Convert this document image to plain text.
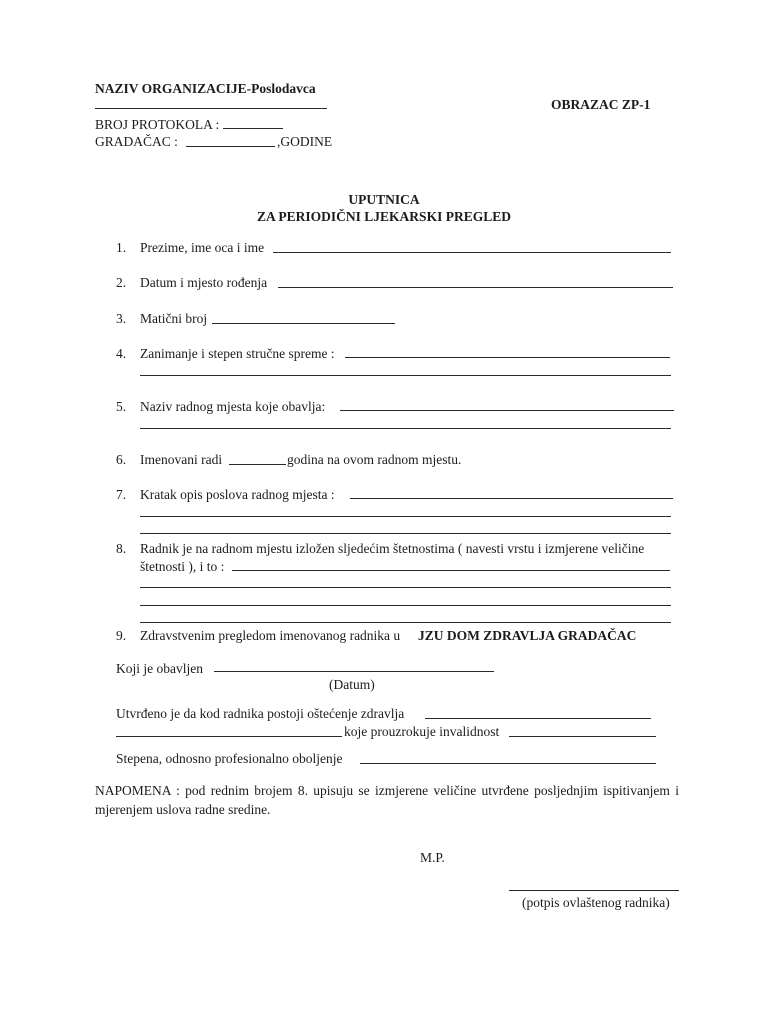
NAZIV ORGANIZACIJE-Poslodavca
OBRAZAC ZP-1
BROJ PROTOKOLA :
GRADAČAC :	,GODINE
UPUTNICA
ZA PERIODIČNI LJEKARSKI PREGLED
1. Prezime, ime oca i ime
2. Datum i mjesto rođenja
3. Matični broj
4. Zanimanje i stepen stručne spreme :
5. Naziv radnog mjesta koje obavlja:
6. Imenovani radi	godina na ovom radnom mjestu.
7. Kratak opis poslova radnog mjesta :
8. Radnik je na radnom mjestu izložen sljedećim štetnostima ( navesti vrstu i izmjerene veličine
štetnosti ), i to :
9. Zdravstvenim pregledom imenovanog radnika u JZU DOM ZDRAVLJA GRADAČAC
Koji je obavljen
(Datum)
Utvrđeno je da kod radnika postoji oštećenje zdravlja
koje prouzrokuje invalidnost
Stepena, odnosno profesionalno oboljenje
NAPOMENA : pod rednim brojem 8. upisuju se izmjerene veličine utvrđene posljednjim ispitivanjem i mjerenjem uslova radne sredine.
M.P.
(potpis ovlaštenog radnika)
